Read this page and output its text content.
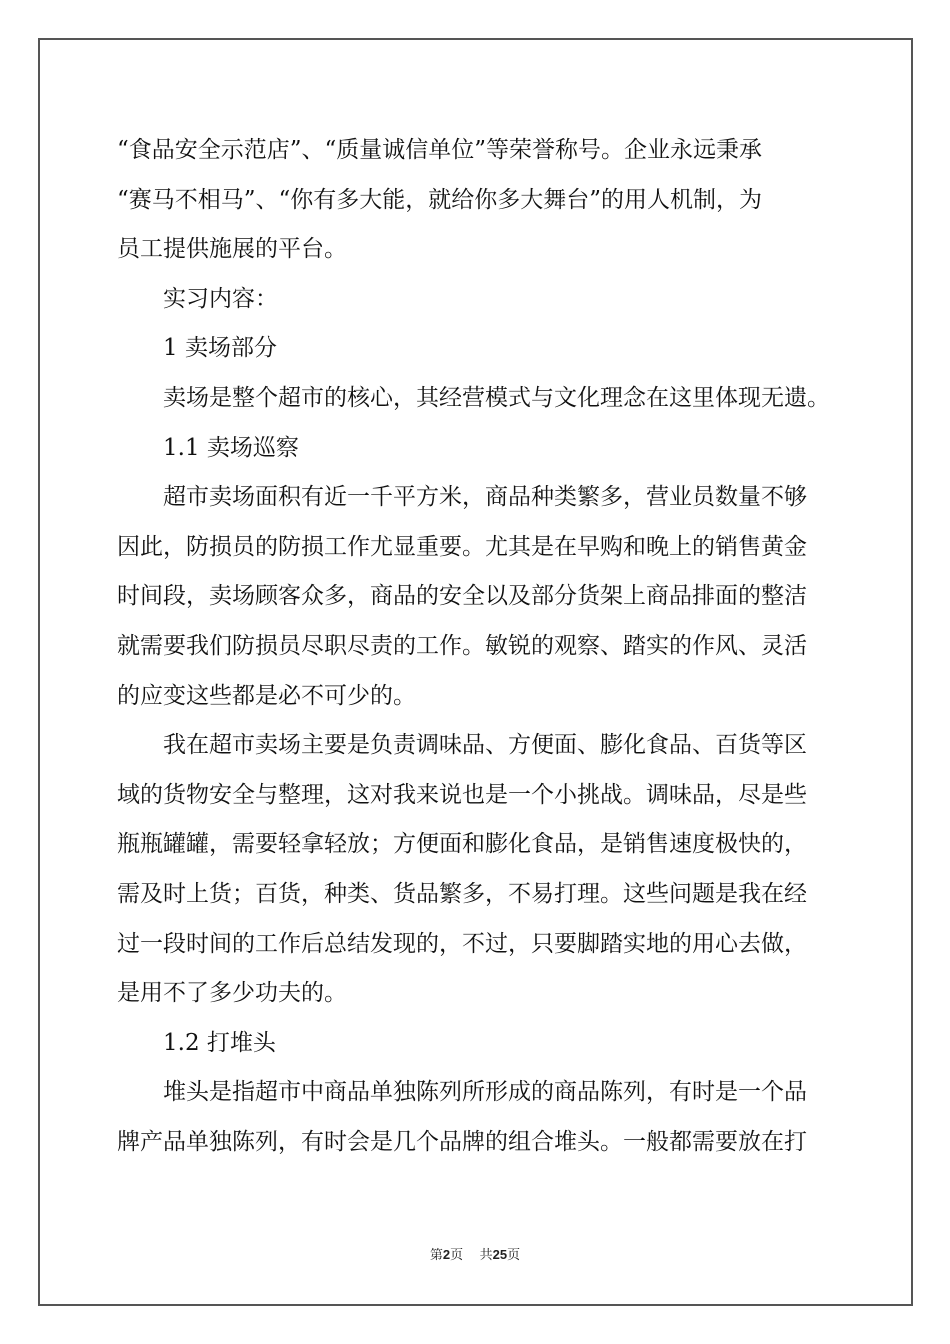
“食品安全示范店”、“质量诚信单位”等荣誉称号。企业永远秉承

“赛马不相马”、“你有多大能，就给你多大舞台”的用人机制，为

员工提供施展的平台。

实习内容：

1 卖场部分

卖场是整个超市的核心，其经营模式与文化理念在这里体现无遗。

1.1 卖场巡察

超市卖场面积有近一千平方米，商品种类繁多，营业员数量不够

因此，防损员的防损工作尤显重要。尤其是在早购和晚上的销售黄金

时间段，卖场顾客众多，商品的安全以及部分货架上商品排面的整洁

就需要我们防损员尽职尽责的工作。敏锐的观察、踏实的作风、灵活

的应变这些都是必不可少的。

我在超市卖场主要是负责调味品、方便面、膨化食品、百货等区

域的货物安全与整理，这对我来说也是一个小挑战。调味品，尽是些

瓶瓶罐罐，需要轻拿轻放；方便面和膨化食品，是销售速度极快的，

需及时上货；百货，种类、货品繁多，不易打理。这些问题是我在经

过一段时间的工作后总结发现的，不过，只要脚踏实地的用心去做，

是用不了多少功夫的。

1.2 打堆头

堆头是指超市中商品单独陈列所形成的商品陈列，有时是一个品

牌产品单独陈列，有时会是几个品牌的组合堆头。一般都需要放在打

第2页 共25页
